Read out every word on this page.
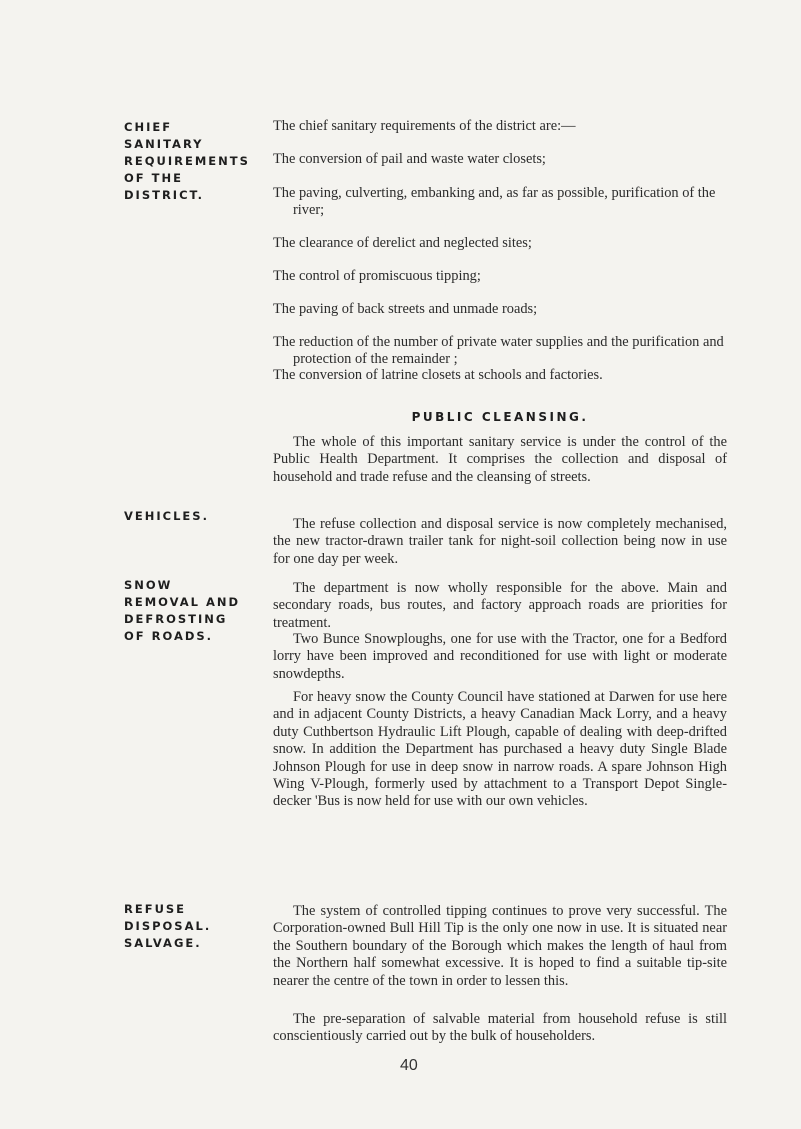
CHIEF
SANITARY
REQUIREMENTS
OF THE
DISTRICT.
VEHICLES.
SNOW
REMOVAL AND
DEFROSTING
OF ROADS.
REFUSE
DISPOSAL.
SALVAGE.
The chief sanitary requirements of the district are:—
The conversion of pail and waste water closets;
The paving, culverting, embanking and, as far as possible, purification of the river;
The clearance of derelict and neglected sites;
The control of promiscuous tipping;
The paving of back streets and unmade roads;
The reduction of the number of private water supplies and the purification and protection of the remainder ;
The conversion of latrine closets at schools and factories.
PUBLIC CLEANSING.
The whole of this important sanitary service is under the control of the Public Health Department. It comprises the collection and disposal of household and trade refuse and the cleansing of streets.
The refuse collection and disposal service is now completely mechanised, the new tractor-drawn trailer tank for night-soil collection being now in use for one day per week.
The department is now wholly responsible for the above. Main and secondary roads, bus routes, and factory approach roads are priorities for treatment.
Two Bunce Snowploughs, one for use with the Tractor, one for a Bedford lorry have been improved and reconditioned for use with light or moderate snowdepths.
For heavy snow the County Council have stationed at Darwen for use here and in adjacent County Districts, a heavy Canadian Mack Lorry, and a heavy duty Cuthbertson Hydraulic Lift Plough, capable of dealing with deep-drifted snow. In addition the Department has purchased a heavy duty Single Blade Johnson Plough for use in deep snow in narrow roads. A spare Johnson High Wing V-Plough, formerly used by attachment to a Transport Depot Single-decker 'Bus is now held for use with our own vehicles.
The system of controlled tipping continues to prove very successful. The Corporation-owned Bull Hill Tip is the only one now in use. It is situated near the Southern boundary of the Borough which makes the length of haul from the Northern half somewhat excessive. It is hoped to find a suitable tip-site nearer the centre of the town in order to lessen this.
The pre-separation of salvable material from household refuse is still conscientiously carried out by the bulk of householders.
40
